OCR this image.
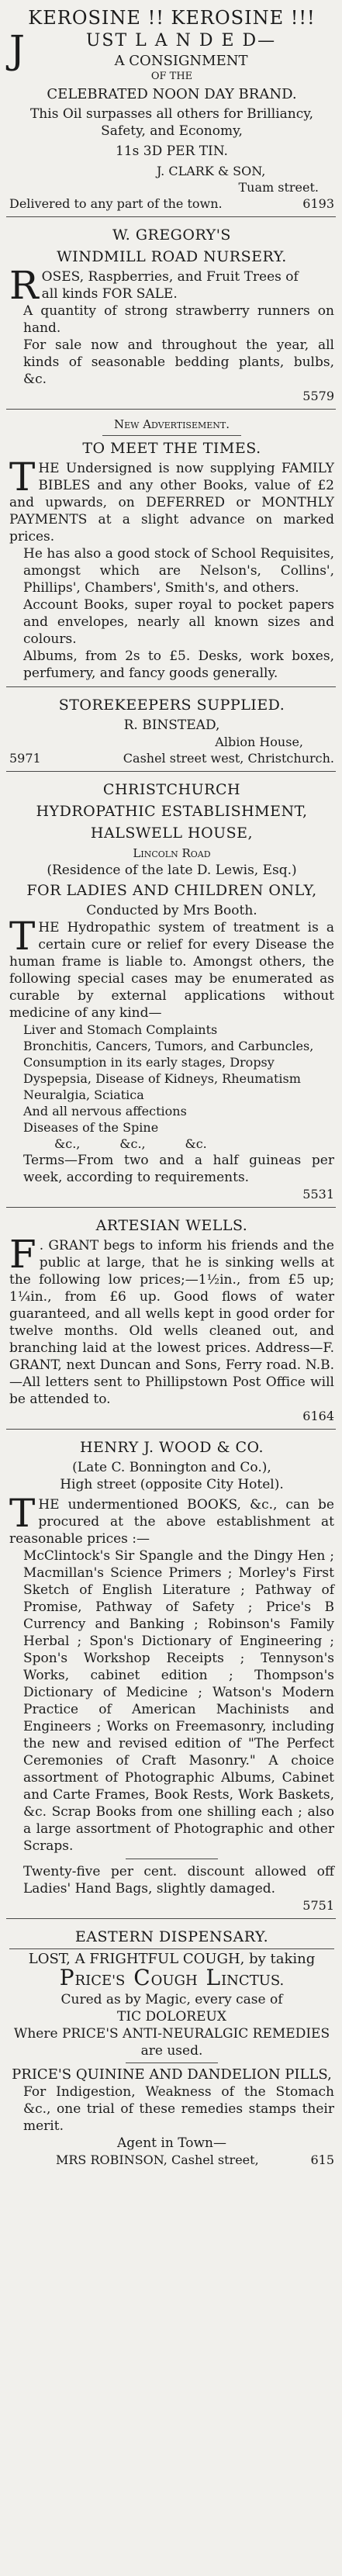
KEROSINE !! KEROSINE !!!
J	UST L A N D E D—
A CONSIGNMENT
OF THE
CELEBRATED NOON DAY BRAND.

This Oil surpasses all others for Brilliancy, Safety, and Economy,

11s 3D PER TIN.
J. CLARK & SON,
Tuam street.
Delivered to any part of the town.	6193
W. GREGORY'S
WINDMILL ROAD NURSERY.
R OSES, Raspberries, and Fruit Trees of
all kinds FOR SALE.

A quantity of strong strawberry runners on hand.

For sale now and throughout the year, all kinds of seasonable bedding plants, bulbs, &c.

5579
New Advertisement.
TO MEET THE TIMES.
T HE Undersigned is now supplying FAMILY BIBLES and any other Books, value of £2 and upwards, on DEFERRED or MONTHLY PAYMENTS at a slight advance on marked prices.

He has also a good stock of School Requisites, amongst which are Nelson's, Collins', Phillips', Chambers', Smith's, and others.

Account Books, super royal to pocket papers and envelopes, nearly all known sizes and colours.

Albums, from 2s to £5. Desks, work boxes, perfumery, and fancy goods generally.

STOREKEEPERS SUPPLIED.
R. BINSTEAD,
Albion House,
5971	Cashel street west, Christchurch.
CHRISTCHURCH
HYDROPATHIC ESTABLISHMENT,
HALSWELL HOUSE,
Lincoln Road
(Residence of the late D. Lewis, Esq.)
FOR LADIES AND CHILDREN ONLY,
Conducted by Mrs Booth.
T HE Hydropathic system of treatment is a certain cure or relief for every Disease the human frame is liable to. Amongst others, the following special cases may be enumerated as curable by external applications without medicine of any kind—

Liver and Stomach Complaints
Bronchitis, Cancers, Tumors, and Carbuncles,
Consumption in its early stages, Dropsy
Dyspepsia, Disease of Kidneys, Rheumatism
Neuralgia, Sciatica
And all nervous affections
Diseases of the Spine
&c.,          &c.,          &c.

Terms—From two and a half guineas per week, according to requirements.

5531
ARTESIAN WELLS.
F . GRANT begs to inform his friends and the public at large, that he is sinking wells at the following low prices;—1½in., from £5 up; 1¼in., from £6 up. Good flows of water guaranteed, and all wells kept in good order for twelve months. Old wells cleaned out, and branching laid at the lowest prices. Address—F. GRANT, next Duncan and Sons, Ferry road. N.B.—All letters sent to Phillipstown Post Office will be attended to.

6164
HENRY J. WOOD & CO.
(Late C. Bonnington and Co.),
High street (opposite City Hotel).
T HE undermentioned BOOKS, &c., can be procured at the above establishment at reasonable prices :—

McClintock's Sir Spangle and the Dingy Hen ; Macmillan's Science Primers ; Morley's First Sketch of English Literature ; Pathway of Promise, Pathway of Safety ; Price's B Currency and Banking ; Robinson's Family Herbal ; Spon's Dictionary of Engineering ; Spon's Workshop Receipts ; Tennyson's Works, cabinet edition ; Thompson's Dictionary of Medicine ; Watson's Modern Practice of American Machinists and Engineers ; Works on Freemasonry, including the new and revised edition of "The Perfect Ceremonies of Craft Masonry." A choice assortment of Photographic Albums, Cabinet and Carte Frames, Book Rests, Work Baskets, &c. Scrap Books from one shilling each ; also a large assortment of Photographic and other Scraps.

Twenty-five per cent. discount allowed off Ladies' Hand Bags, slightly damaged.

5751
EASTERN DISPENSARY.
LOST, A FRIGHTFUL COUGH, by taking
PRICE'S COUGH LINCTUS.
Cured as by Magic, every case of
TIC DOLOREUX
Where PRICE'S ANTI-NEURALGIC REMEDIES are used.
PRICE'S QUININE AND DANDELION PILLS,

For Indigestion, Weakness of the Stomach &c., one trial of these remedies stamps their merit.

Agent in Town—
MRS ROBINSON, Cashel street,	615
